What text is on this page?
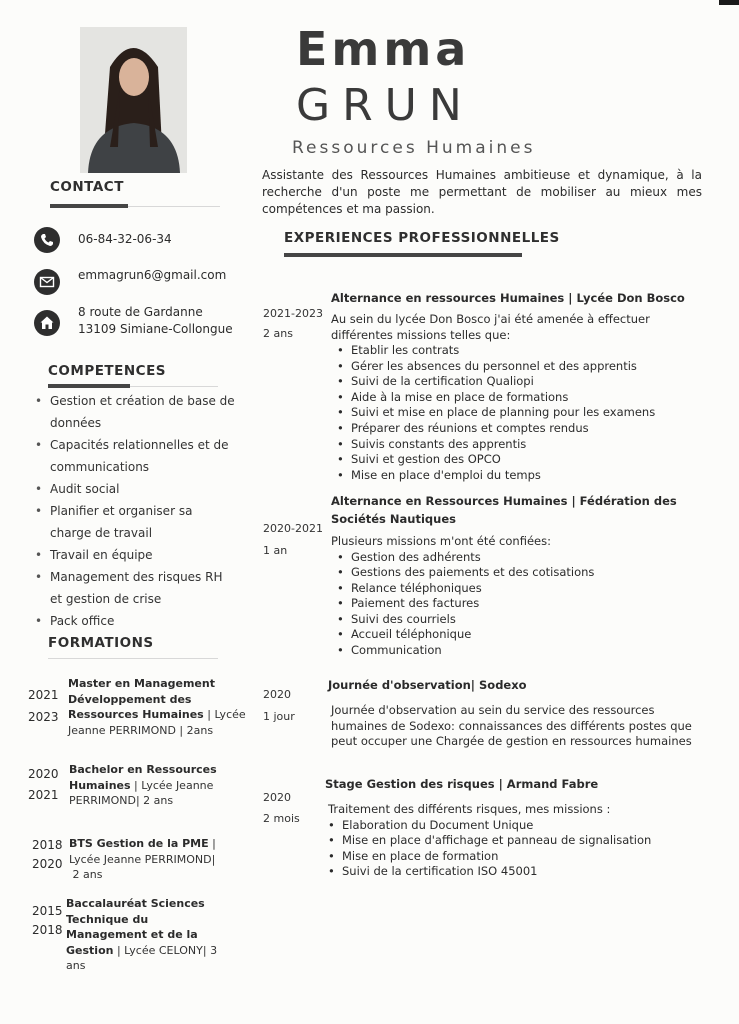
Emma
GRUN
Ressources Humaines
Assistante des Ressources Humaines ambitieuse et dynamique, à la recherche d'un poste me permettant de mobiliser au mieux mes compétences et ma passion.
CONTACT
06-84-32-06-34
emmagrun6@gmail.com
8 route de Gardanne
13109 Simiane-Collongue
COMPETENCES
• Gestion et création de base de données
• Capacités relationnelles et de communications
• Audit social
• Planifier et organiser sa charge de travail
• Travail en équipe
• Management des risques RH et gestion de crise
• Pack office
FORMATIONS
2021
2023
Master en Management Développement des Ressources Humaines | Lycée Jeanne PERRIMOND | 2ans
2020
2021
Bachelor en Ressources Humaines | Lycée Jeanne PERRIMOND| 2 ans
2018
2020
BTS Gestion de la PME |
Lycée Jeanne PERRIMOND|
2 ans
2015
2018
Baccalauréat Sciences Technique du Management et de la Gestion | Lycée CELONY| 3 ans
EXPERIENCES PROFESSIONNELLES
2021-2023
2 ans
Alternance en ressources Humaines | Lycée Don Bosco
Au sein du lycée Don Bosco j'ai été amenée à effectuer différentes missions telles que:
• Etablir les contrats
• Gérer les absences du personnel et des apprentis
• Suivi de la certification Qualiopi
• Aide à la mise en place de formations
• Suivi et mise en place de planning pour les examens
• Préparer des réunions et comptes rendus
• Suivis constants des apprentis
• Suivi et gestion des OPCO
• Mise en place d'emploi du temps
2020-2021
1 an
Alternance en Ressources Humaines | Fédération des Sociétés Nautiques
Plusieurs missions m'ont été confiées:
• Gestion des adhérents
• Gestions des paiements et des cotisations
• Relance téléphoniques
• Paiement des factures
• Suivi des courriels
• Accueil téléphonique
• Communication
2020
1 jour
Journée d'observation| Sodexo
Journée d'observation au sein du service des ressources humaines de Sodexo: connaissances des différents postes que peut occuper une Chargée de gestion en ressources humaines
2020
2 mois
Stage Gestion des risques | Armand Fabre
Traitement des différents risques, mes missions :
• Elaboration du Document Unique
• Mise en place d'affichage et panneau de signalisation
• Mise en place de formation
• Suivi de la certification ISO 45001
